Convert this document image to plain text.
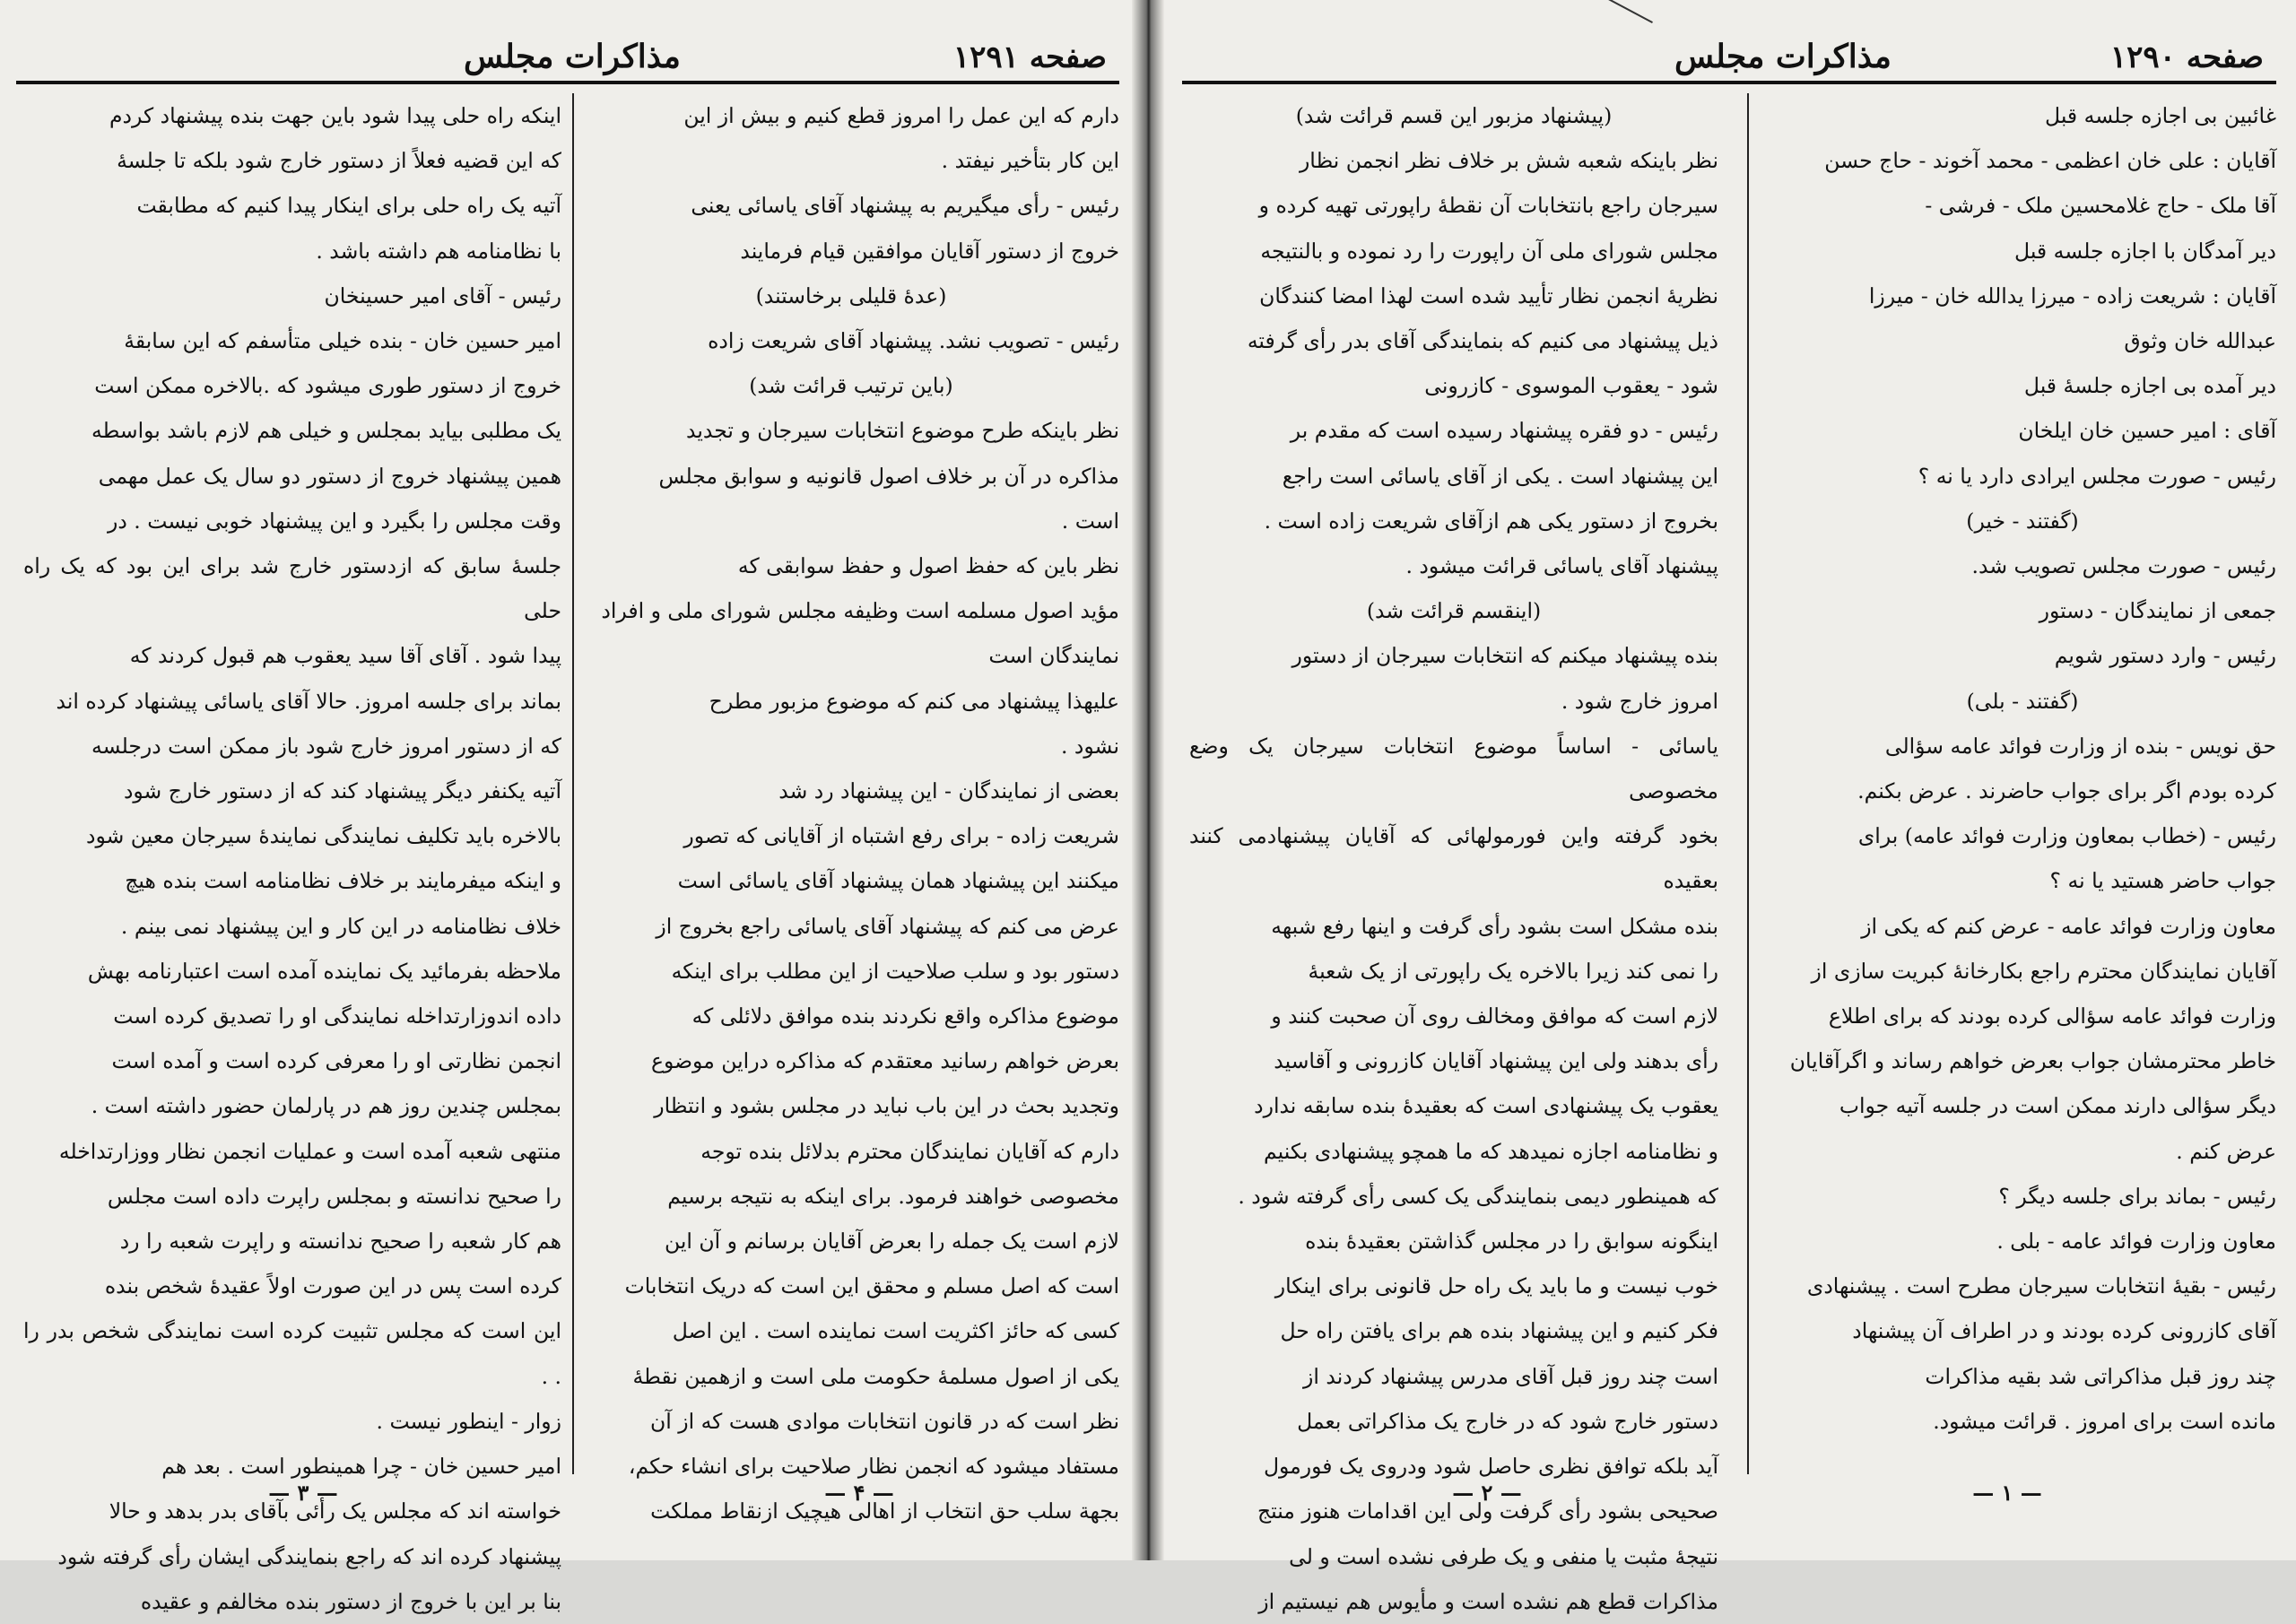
صفحه ۱۲۹۱
مذاکرات مجلس

دارم که این عمل را امروز قطع کنیم و بیش از این

این کار بتأخیر نیفتد .

رئیس - رأی میگیریم به پیشنهاد آقای یاسائی یعنی

خروج از دستور آقایان موافقین قیام فرمایند

(عدهٔ قلیلی برخاستند)

رئیس - تصویب نشد. پیشنهاد آقای شریعت زاده

(باین ترتیب قرائت شد)

نظر باینکه طرح موضوع انتخابات سیرجان و تجدید

مذاکره در آن بر خلاف اصول قانونیه و سوابق مجلس

است .

نظر باین که حفظ اصول و حفظ سوابقی که

مؤید اصول مسلمه است وظیفه مجلس شورای ملی و افراد

نمایندگان است

علیهذا پیشنهاد می کنم که موضوع مزبور مطرح

نشود .

بعضی از نمایندگان - این پیشنهاد رد شد

شریعت زاده - برای رفع اشتباه از آقایانی که تصور

میکنند این پیشنهاد همان پیشنهاد آقای یاسائی است

عرض می کنم که پیشنهاد آقای یاسائی راجع بخروج از

دستور بود و سلب صلاحیت از این مطلب برای اینکه

موضوع مذاکره واقع نکردند بنده موافق دلائلی که

بعرض خواهم رسانید معتقدم که مذاکره دراین موضوع

وتجدید بحث در این باب نباید در مجلس بشود و انتظار

دارم که آقایان نمایندگان محترم بدلائل بنده توجه

مخصوصی خواهند فرمود. برای اینکه به نتیجه برسیم

لازم است یک جمله را بعرض آقایان برسانم و آن این

است که اصل مسلم و محقق این است که دریک انتخابات

کسی که حائز اکثریت است نماینده است . این اصل

یکی از اصول مسلمهٔ حکومت ملی است و ازهمین نقطهٔ

نظر است که در قانون انتخابات موادی هست که از آن

مستفاد میشود که انجمن نظار صلاحیت برای انشاء حکم،

بجهة سلب حق انتخاب از اهالی هیچیک ازنقاط مملکت

اینکه راه حلی پیدا شود باین جهت بنده پیشنهاد کردم

که این قضیه فعلاً از دستور خارج شود بلکه تا جلسهٔ

آتیه یک راه حلی برای اینکار پیدا کنیم که مطابقت

با نظامنامه هم داشته باشد .

رئیس - آقای امیر حسینخان

امیر حسین خان - بنده خیلی متأسفم که این سابقهٔ

خروج از دستور طوری میشود که .بالاخره ممکن است

یک مطلبی بیاید بمجلس و خیلی هم لازم باشد بواسطه

همین پیشنهاد خروج از دستور دو سال یک عمل مهمی

وقت مجلس را بگیرد و این پیشنهاد خوبی نیست . در

جلسهٔ سابق که ازدستور خارج شد برای این بود که یک راه حلی

پیدا شود . آقای آقا سید یعقوب هم قبول کردند که

بماند برای جلسه امروز. حالا آقای یاسائی پیشنهاد کرده اند

که از دستور امروز خارج شود باز ممکن است درجلسه

آتیه یکنفر دیگر پیشنهاد کند که از دستور خارج شود

بالاخره باید تکلیف نمایندگی نمایندهٔ سیرجان معین شود

و اینکه میفرمایند بر خلاف نظامنامه است بنده هیچ

خلاف نظامنامه در این کار و این پیشنهاد نمی بینم .

ملاحظه بفرمائید یک نماینده آمده است اعتبارنامه بهش

داده اندوزارتداخله نمایندگی او را تصدیق کرده است

انجمن نظارتی او را معرفی کرده است و آمده است

بمجلس چندین روز هم در پارلمان حضور داشته است .

منتهی شعبه آمده است و عملیات انجمن نظار ووزارتداخله

را صحیح ندانسته و بمجلس راپرت داده است مجلس

هم کار شعبه را صحیح ندانسته و راپرت شعبه را رد

کرده است پس در این صورت اولاً عقیدهٔ شخص بنده

این است که مجلس تثبیت کرده است نمایندگی شخص بدر را . .

زوار - اینطور نیست .

امیر حسین خان - چرا همینطور است . بعد هم

خواسته اند که مجلس یک رأئی بآقای بدر بدهد و حالا

پیشنهاد کرده اند که راجع بنمایندگی ایشان رأی گرفته شود

بنا بر این با خروج از دستور بنده مخالفم و عقیده

— ۴ —
— ۳ —
صفحه ۱۲۹۰
مذاکرات مجلس

غائبین بی اجازه جلسه قبل

آقایان : علی خان اعظمی - محمد آخوند - حاج حسن

آقا ملک - حاج غلامحسین ملک - فرشی -

دیر آمدگان با اجازه جلسه قبل

آقایان : شریعت زاده - میرزا یدالله خان - میرزا

عبدالله خان وثوق

دیر آمده بی اجازه جلسهٔ قبل

آقای : امیر حسین خان ایلخان

رئیس - صورت مجلس ایرادی دارد یا نه ؟

(گفتند - خیر)

رئیس - صورت مجلس تصویب شد.

جمعی از نمایندگان - دستور

رئیس - وارد دستور شویم

(گفتند - بلی)

حق نویس - بنده از وزارت فوائد عامه سؤالی

کرده بودم اگر برای جواب حاضرند . عرض بکنم.

رئیس - (خطاب بمعاون وزارت فوائد عامه) برای

جواب حاضر هستید یا نه ؟

معاون وزارت فوائد عامه - عرض کنم که یکی از

آقایان نمایندگان محترم راجع بکارخانهٔ کبریت سازی از

وزارت فوائد عامه سؤالی کرده بودند که برای اطلاع

خاطر محترمشان جواب بعرض خواهم رساند و اگرآقایان

دیگر سؤالی دارند ممکن است در جلسه آتیه جواب

عرض کنم .

رئیس - بماند برای جلسه دیگر ؟

معاون وزارت فوائد عامه - بلی .

رئیس - بقیهٔ انتخابات سیرجان مطرح است . پیشنهادی

آقای کازرونی کرده بودند و در اطراف آن پیشنهاد

چند روز قبل مذاکراتی شد بقیه مذاکرات

مانده است برای امروز . قرائت میشود.

(پیشنهاد مزبور این قسم قرائت شد)

نظر باینکه شعبه شش بر خلاف نظر انجمن نظار

سیرجان راجع بانتخابات آن نقطهٔ راپورتی تهیه کرده و

مجلس شورای ملی آن راپورت را رد نموده و بالنتیجه

نظریهٔ انجمن نظار تأیید شده است لهذا امضا کنندگان

ذیل پیشنهاد می کنیم که بنمایندگی آقای بدر رأی گرفته

شود - یعقوب الموسوی - کازرونی

رئیس - دو فقره پیشنهاد رسیده است که مقدم بر

این پیشنهاد است . یکی از آقای یاسائی است راجع

بخروج از دستور یکی هم ازآقای شریعت زاده است .

پیشنهاد آقای یاسائی قرائت میشود .

(اینقسم قرائت شد)

بنده پیشنهاد میکنم که انتخابات سیرجان از دستور

امروز خارج شود .

یاسائی - اساساً موضوع انتخابات سیرجان یک وضع مخصوصی

بخود گرفته واین فورمولهائی که آقایان پیشنهادمی کنند بعقیده

بنده مشکل است بشود رأی گرفت و اینها رفع شبهه

را نمی کند زیرا بالاخره یک راپورتی از یک شعبهٔ

لازم است که موافق ومخالف روی آن صحبت کنند و

رأی بدهند ولی این پیشنهاد آقایان کازرونی و آقاسید

یعقوب یک پیشنهادی است که بعقیدهٔ بنده سابقه ندارد

و نظامنامه اجازه نمیدهد که ما همچو پیشنهادی بکنیم

که همینطور دیمی بنمایندگی یک کسی رأی گرفته شود .

اینگونه سوابق را در مجلس گذاشتن بعقیدهٔ بنده

خوب نیست و ما باید یک راه حل قانونی برای اینکار

فکر کنیم و این پیشنهاد بنده هم برای یافتن راه حل

است چند روز قبل آقای مدرس پیشنهاد کردند از

دستور خارج شود که در خارج یک مذاکراتی بعمل

آید بلکه توافق نظری حاصل شود ودروی یک فورمول

صحیحی بشود رأی گرفت ولی این اقدامات هنوز منتج

نتیجهٔ مثبت یا منفی و یک طرفی نشده است و لی

مذاکرات قطع هم نشده است و مأیوس هم نیستیم از

— ۱ —
— ۲ —
